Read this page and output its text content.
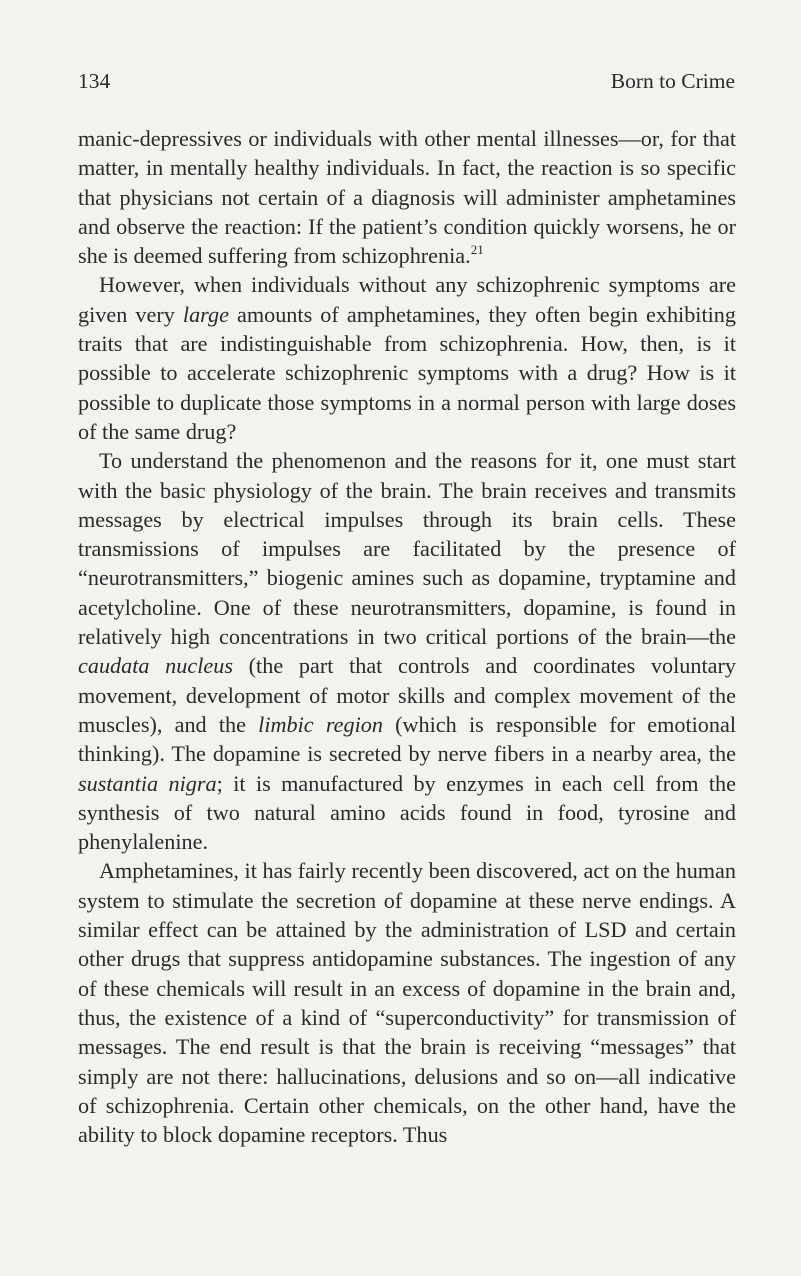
134	Born to Crime

manic-depressives or individuals with other mental illnesses—or, for that matter, in mentally healthy individuals. In fact, the reaction is so specific that physicians not certain of a diagnosis will administer amphetamines and observe the reaction: If the patient’s condition quickly worsens, he or she is deemed suffering from schizophrenia.$^{21}$

However, when individuals without any schizophrenic symptoms are given very large amounts of amphetamines, they often begin exhibiting traits that are indistinguishable from schizophrenia. How, then, is it possible to accelerate schizophrenic symptoms with a drug? How is it possible to duplicate those symptoms in a normal person with large doses of the same drug?

To understand the phenomenon and the reasons for it, one must start with the basic physiology of the brain. The brain receives and transmits messages by electrical impulses through its brain cells. These transmissions of impulses are facilitated by the presence of “neurotransmitters,” biogenic amines such as dopamine, tryptamine and acetylcholine. One of these neurotransmitters, dopamine, is found in relatively high concentrations in two critical portions of the brain—the caudata nucleus (the part that controls and coordinates voluntary movement, development of motor skills and complex movement of the muscles), and the limbic region (which is responsible for emotional thinking). The dopamine is secreted by nerve fibers in a nearby area, the sustantia nigra; it is manufactured by enzymes in each cell from the synthesis of two natural amino acids found in food, tyrosine and phenylalenine.

Amphetamines, it has fairly recently been discovered, act on the human system to stimulate the secretion of dopamine at these nerve endings. A similar effect can be attained by the administration of LSD and certain other drugs that suppress antidopamine substances. The ingestion of any of these chemicals will result in an excess of dopamine in the brain and, thus, the existence of a kind of “superconductivity” for transmission of messages. The end result is that the brain is receiving “messages” that simply are not there: hallucinations, delusions and so on—all indicative of schizophrenia. Certain other chemicals, on the other hand, have the ability to block dopamine receptors. Thus
